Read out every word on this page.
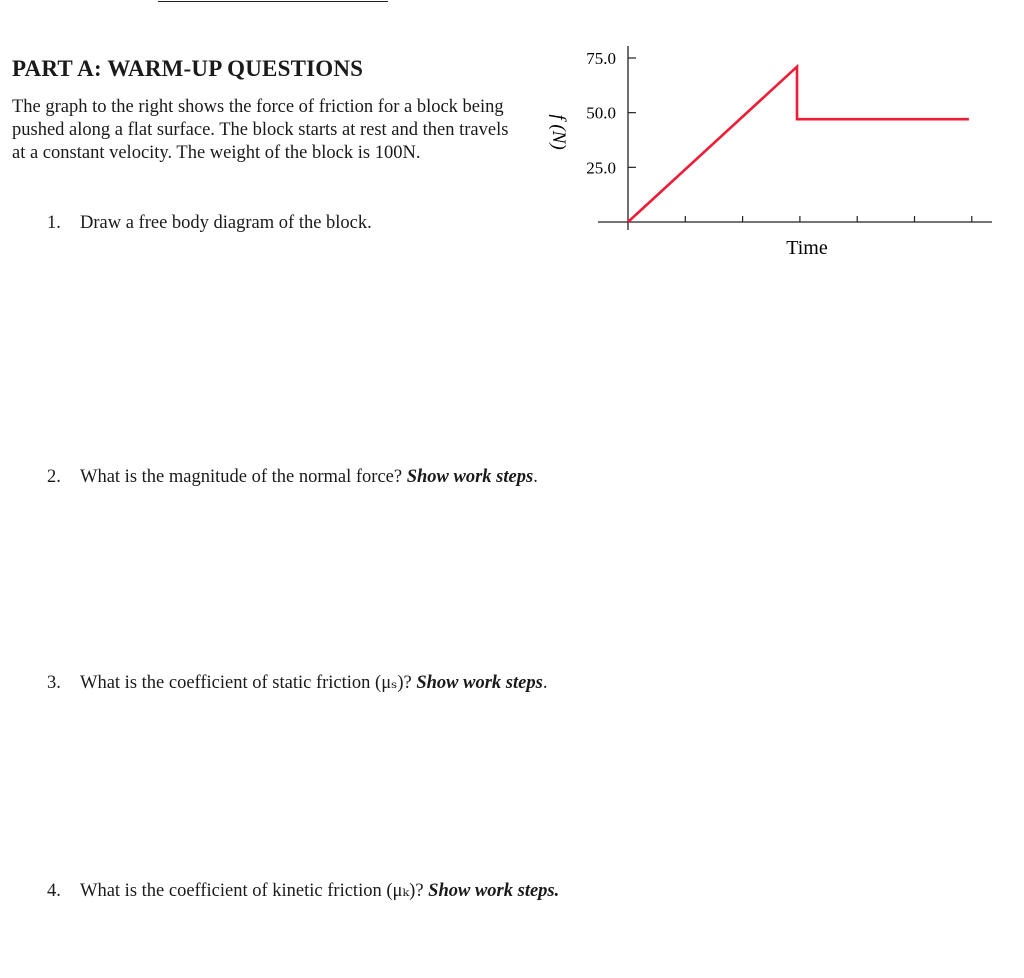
PART A: WARM-UP QUESTIONS

The graph to the right shows the force of friction for a block being pushed along a flat surface. The block starts at rest and then travels at a constant velocity. The weight of the block is 100N.

1. Draw a free body diagram of the block.

2. What is the magnitude of the normal force? Show work steps.

3. What is the coefficient of static friction (μₛ)? Show work steps.

4. What is the coefficient of kinetic friction (μₖ)? Show work steps.

f (N)
25.0
50.0
75.0
Time
